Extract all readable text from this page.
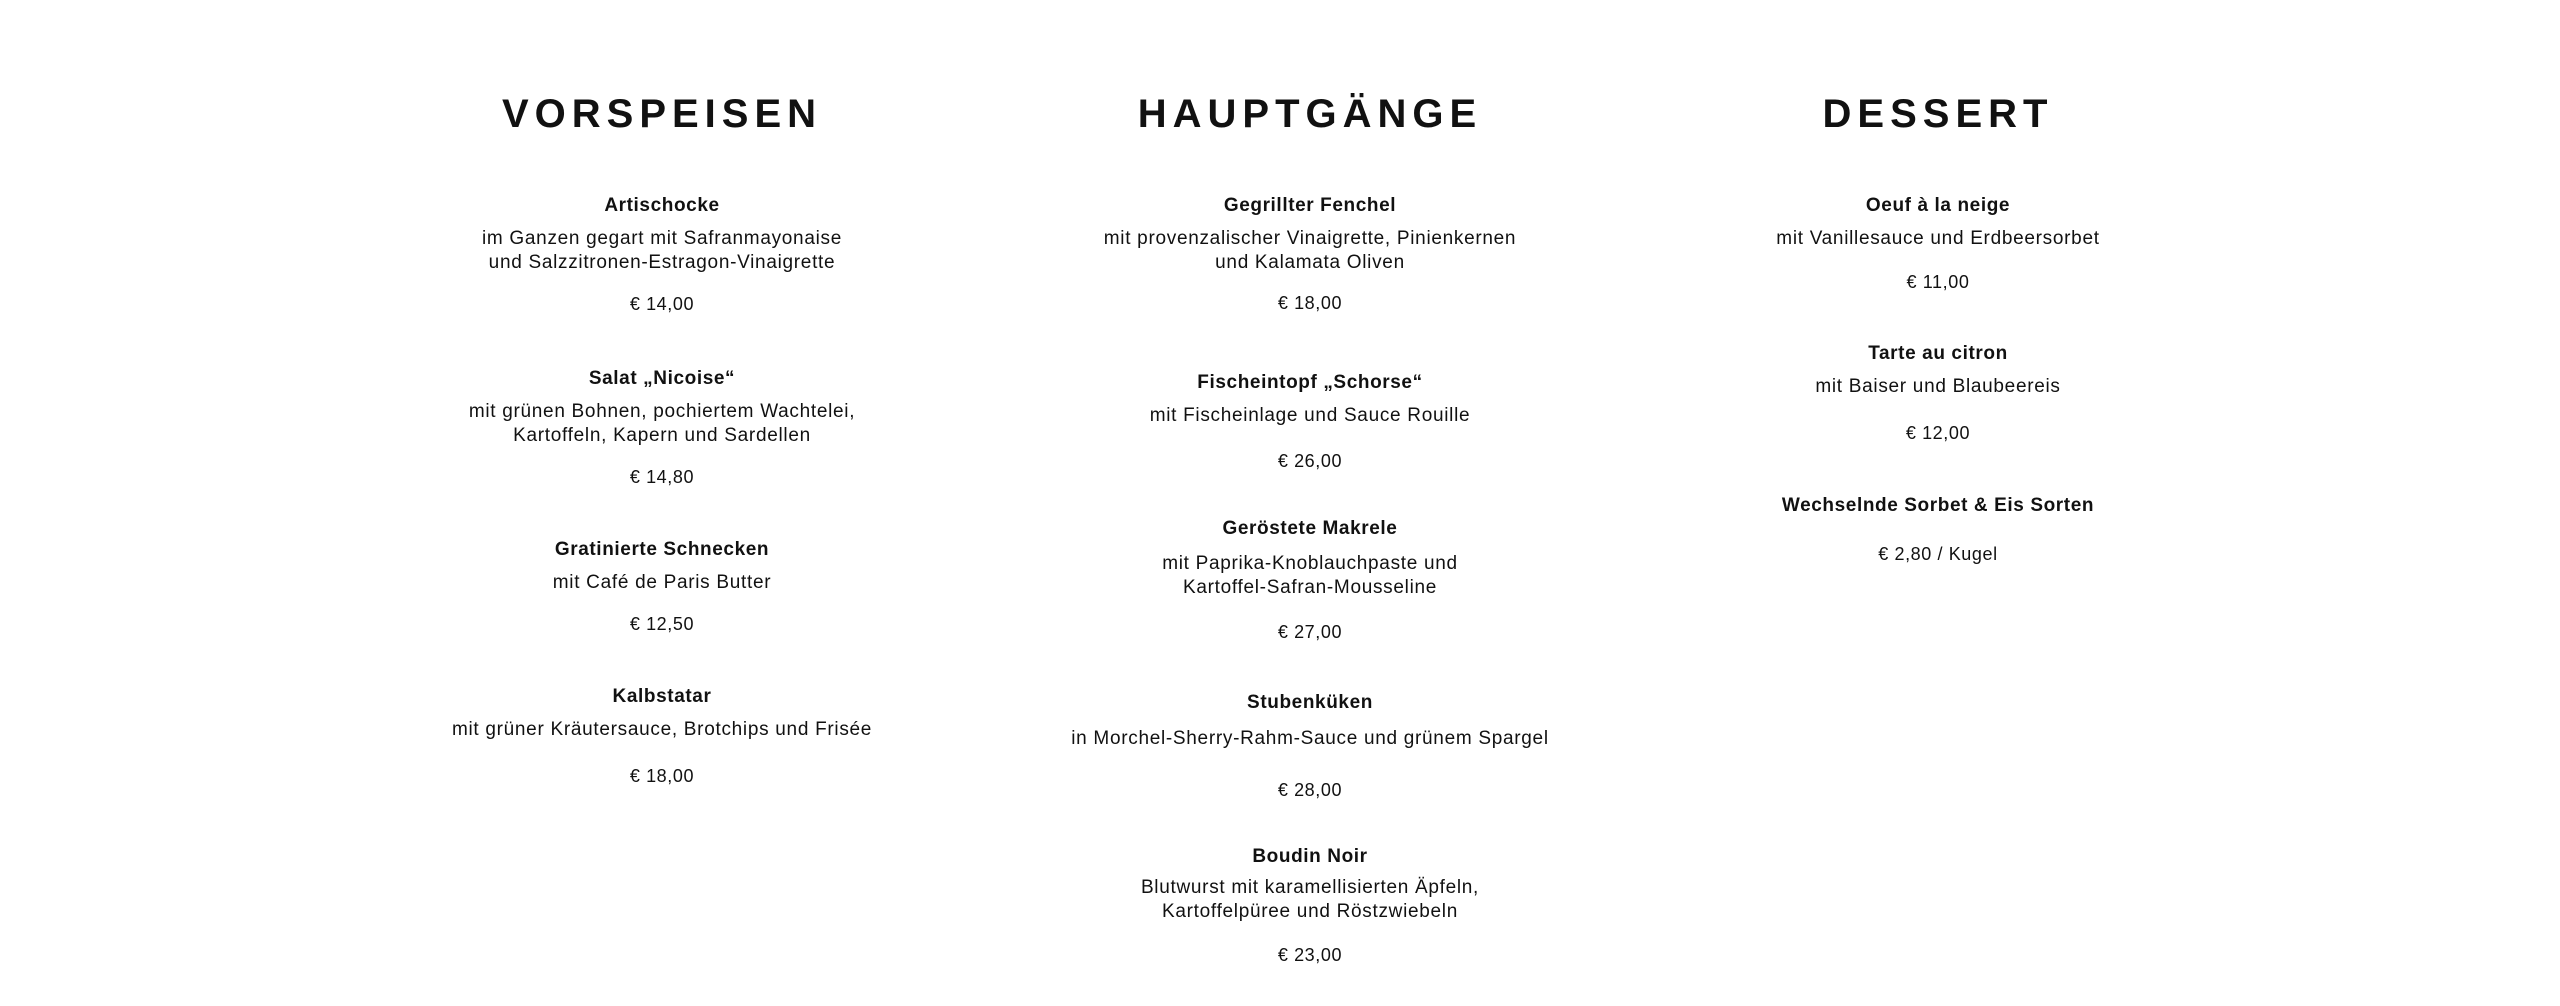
VORSPEISEN

Artischocke

im Ganzen gegart mit Safranmayonaise
und Salzzitronen-Estragon-Vinaigrette

€ 14,00

Salat „Nicoise“

mit grünen Bohnen, pochiertem Wachtelei,
Kartoffeln, Kapern und Sardellen

€ 14,80

Gratinierte Schnecken

mit Café de Paris Butter

€ 12,50

Kalbstatar

mit grüner Kräutersauce, Brotchips und Frisée

€ 18,00

HAUPTGÄNGE

Gegrillter Fenchel

mit provenzalischer Vinaigrette, Pinienkernen
und Kalamata Oliven

€ 18,00

Fischeintopf „Schorse“

mit Fischeinlage und Sauce Rouille

€ 26,00

Geröstete Makrele

mit Paprika-Knoblauchpaste und
Kartoffel-Safran-Mousseline

€ 27,00

Stubenküken

in Morchel-Sherry-Rahm-Sauce und grünem Spargel

€ 28,00

Boudin Noir

Blutwurst mit karamellisierten Äpfeln,
Kartoffelpüree und Röstzwiebeln

€ 23,00

DESSERT

Oeuf à la neige

mit Vanillesauce und Erdbeersorbet

€ 11,00

Tarte au citron

mit Baiser und Blaubeereis

€ 12,00

Wechselnde Sorbet & Eis Sorten

€ 2,80 / Kugel
